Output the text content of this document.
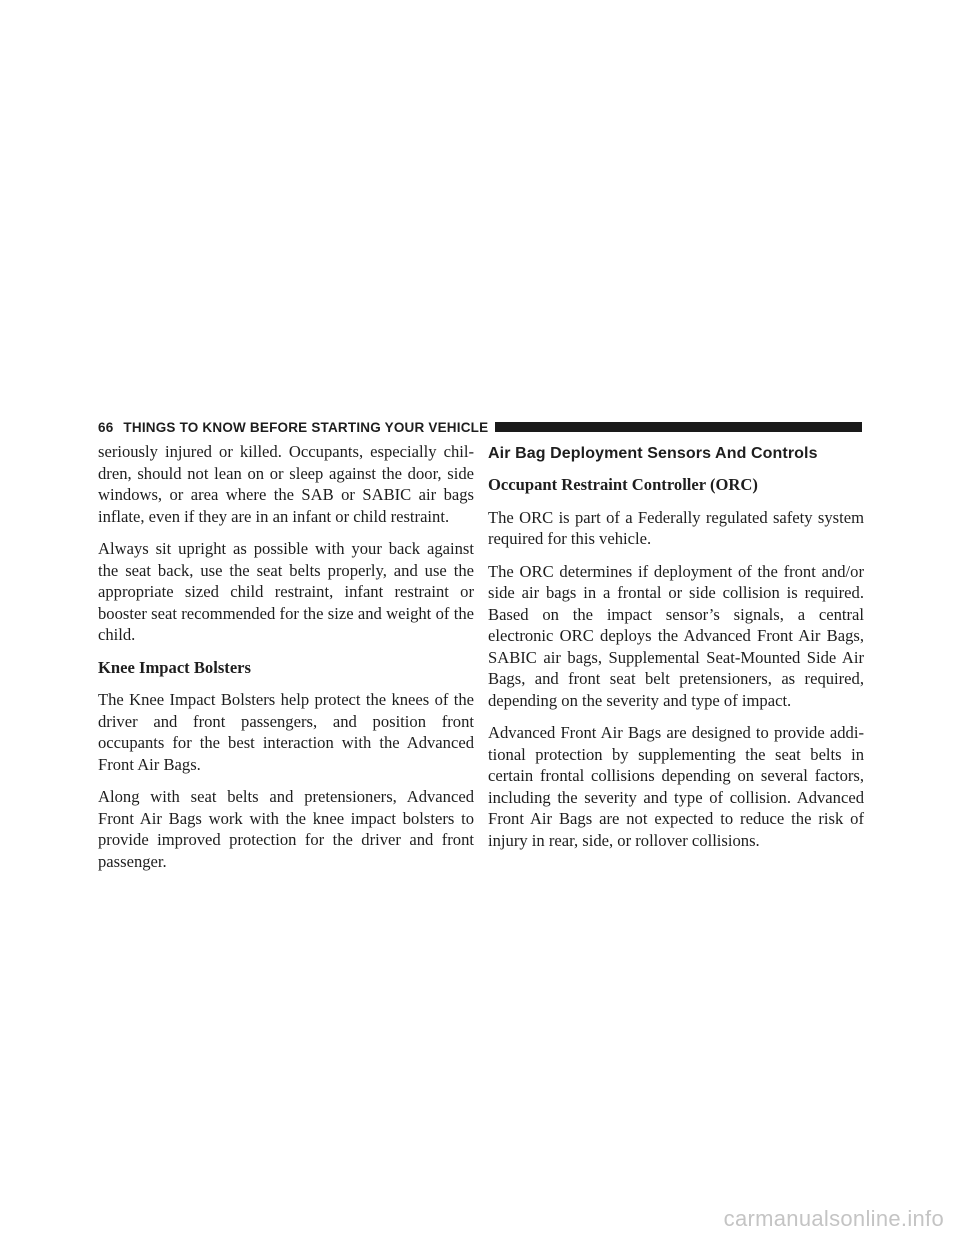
66 THINGS TO KNOW BEFORE STARTING YOUR VEHICLE

seriously injured or killed. Occupants, especially chil-dren, should not lean on or sleep against the door, side windows, or area where the SAB or SABIC air bags inflate, even if they are in an infant or child restraint.

Always sit upright as possible with your back against the seat back, use the seat belts properly, and use the appropriate sized child restraint, infant restraint or booster seat recommended for the size and weight of the child.

Knee Impact Bolsters

The Knee Impact Bolsters help protect the knees of the driver and front passengers, and position front occupants for the best interaction with the Advanced Front Air Bags.

Along with seat belts and pretensioners, Advanced Front Air Bags work with the knee impact bolsters to provide improved protection for the driver and front passenger.

Air Bag Deployment Sensors And Controls

Occupant Restraint Controller (ORC)

The ORC is part of a Federally regulated safety system required for this vehicle.

The ORC determines if deployment of the front and/or side air bags in a frontal or side collision is required. Based on the impact sensor’s signals, a central electronic ORC deploys the Advanced Front Air Bags, SABIC air bags, Supplemental Seat-Mounted Side Air Bags, and front seat belt pretensioners, as required, depending on the severity and type of impact.

Advanced Front Air Bags are designed to provide addi-tional protection by supplementing the seat belts in certain frontal collisions depending on several factors, including the severity and type of collision. Advanced Front Air Bags are not expected to reduce the risk of injury in rear, side, or rollover collisions.

carmanualsonline.info
